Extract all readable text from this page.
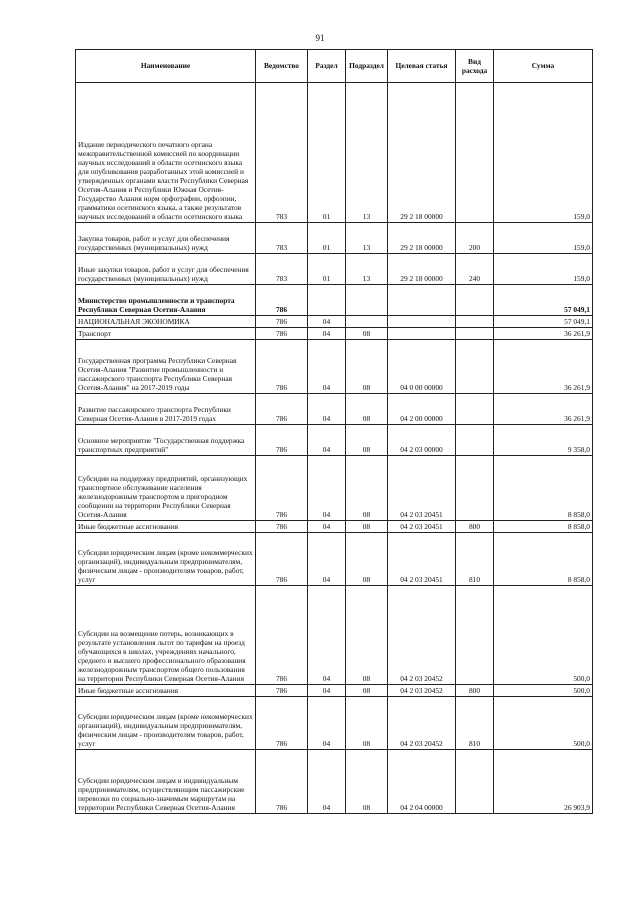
91
Наименование	Ведомство	Раздел	Подраздел	Целевая статья	Вид расхода	Сумма
Издание периодического печатного органа межправительственной комиссией по координации научных исследований в области осетинского языка для опубликования разработанных этой комиссией и утвержденных органами власти Республики Северная Осетия-Алания и Республики Южная Осетия-Государство Алания норм орфографии, орфоэпии, грамматики осетинского языка, а также результатов научных исследований в области осетинского языка	783	01	13	29 2 18 00000		159,0
Закупка товаров, работ и услуг для обеспечения государственных (муниципальных) нужд	783	01	13	29 2 18 00000	200	159,0
Иные закупки товаров, работ и услуг для обеспечения государственных (муниципальных) нужд	783	01	13	29 2 18 00000	240	159,0
Министерство промышленности и транспорта Республики Северная Осетия-Алания	786					57 049,1
НАЦИОНАЛЬНАЯ ЭКОНОМИКА	786	04				57 049,1
Транспорт	786	04	08			36 261,9
Государственная программа Республики Северная Осетия-Алания "Развитие промышленности и пассажирского транспорта Республики Северная Осетия-Алания" на 2017-2019 годы	786	04	08	04 0 00 00000		36 261,9
Развитие пассажирского транспорта Республики Северная Осетия-Алания в 2017-2019 годах	786	04	08	04 2 00 00000		36 261,9
Основное мероприятие "Государственная поддержка транспортных предприятий"	786	04	08	04 2 03 00000		9 358,0
Субсидии на поддержку предприятий, организующих транспортное обслуживание населения железнодорожным транспортом в пригородном сообщении на территории Республики Северная Осетия-Алания	786	04	08	04 2 03 20451		8 858,0
Иные бюджетные ассигнования	786	04	08	04 2 03 20451	800	8 858,0
Субсидии юридическим лицам (кроме некоммерческих организаций), индивидуальным предпринимателям, физическим лицам - производителям товаров, работ, услуг	786	04	08	04 2 03 20451	810	8 858,0
Субсидии на возмещение потерь, возникающих в результате установления льгот по тарифам на проезд обучающихся в школах, учреждениях начального, среднего и высшего профессионального образования железнодорожным транспортом общего пользования на территории Республики Северная Осетия-Алания	786	04	08	04 2 03 20452		500,0
Иные бюджетные ассигнования	786	04	08	04 2 03 20452	800	500,0
Субсидии юридическим лицам (кроме некоммерческих организаций), индивидуальным предпринимателям, физическим лицам - производителям товаров, работ, услуг	786	04	08	04 2 03 20452	810	500,0
Субсидии юридическим лицам и индивидуальным предпринимателям, осуществляющим пассажирские перевозки по социально-значимым маршрутам на территории Республики Северная Осетия-Алания	786	04	08	04 2 04 00000		26 903,9
